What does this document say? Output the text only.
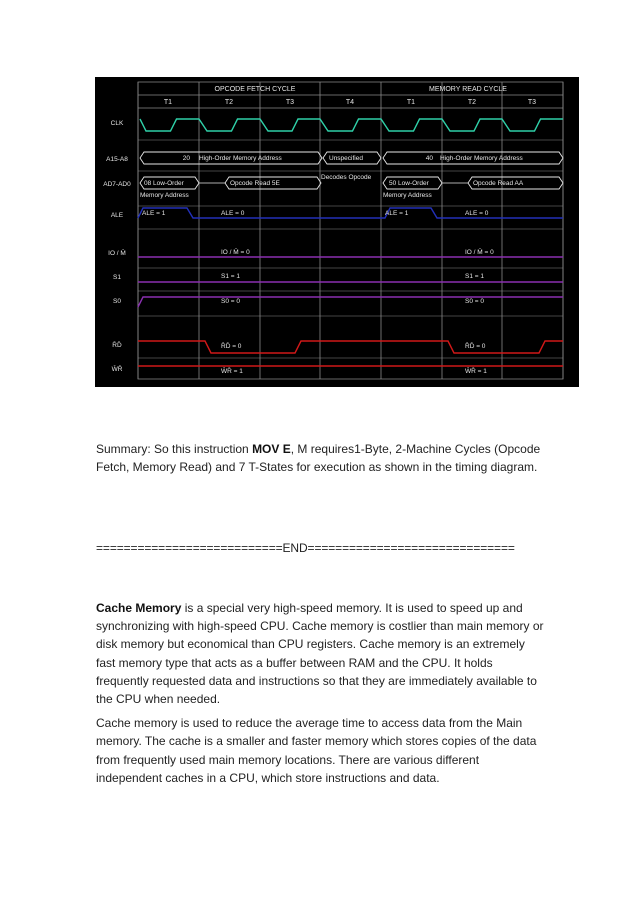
OPCODE FETCH CYCLE	MEMORY READ CYCLE
T1	T2	T3	T4	T1	T2	T3
CLK
A15-A8
AD7-AD0
ALE
IO / M̄
S1
S0
R̄D̄
W̄R̄
20 High-Order Memory Address	Unspecified	40 High-Order Memory Address
08 Low-Order
Memory Address
Opcode Read 5E
Decodes Opcode
50 Low-Order
Memory Address
Opcode Read AA
ALE = 1	ALE = 0	ALE = 1	ALE = 0
IO / M̄ = 0	IO / M̄ = 0
S1 = 1	S1 = 1
S0 = 0	S0 = 0
R̄D̄ = 0	R̄D̄ = 0
W̄R̄ = 1	W̄R̄ = 1
Summary: So this instruction MOV E, M requires1-Byte, 2-Machine Cycles (Opcode Fetch, Memory Read) and 7 T-States for execution as shown in the timing diagram.
===========================END==============================

Cache Memory is a special very high-speed memory. It is used to speed up and synchronizing with high-speed CPU. Cache memory is costlier than main memory or disk memory but economical than CPU registers. Cache memory is an extremely fast memory type that acts as a buffer between RAM and the CPU. It holds frequently requested data and instructions so that they are immediately available to the CPU when needed.

Cache memory is used to reduce the average time to access data from the Main memory. The cache is a smaller and faster memory which stores copies of the data from frequently used main memory locations. There are various different independent caches in a CPU, which store instructions and data.
